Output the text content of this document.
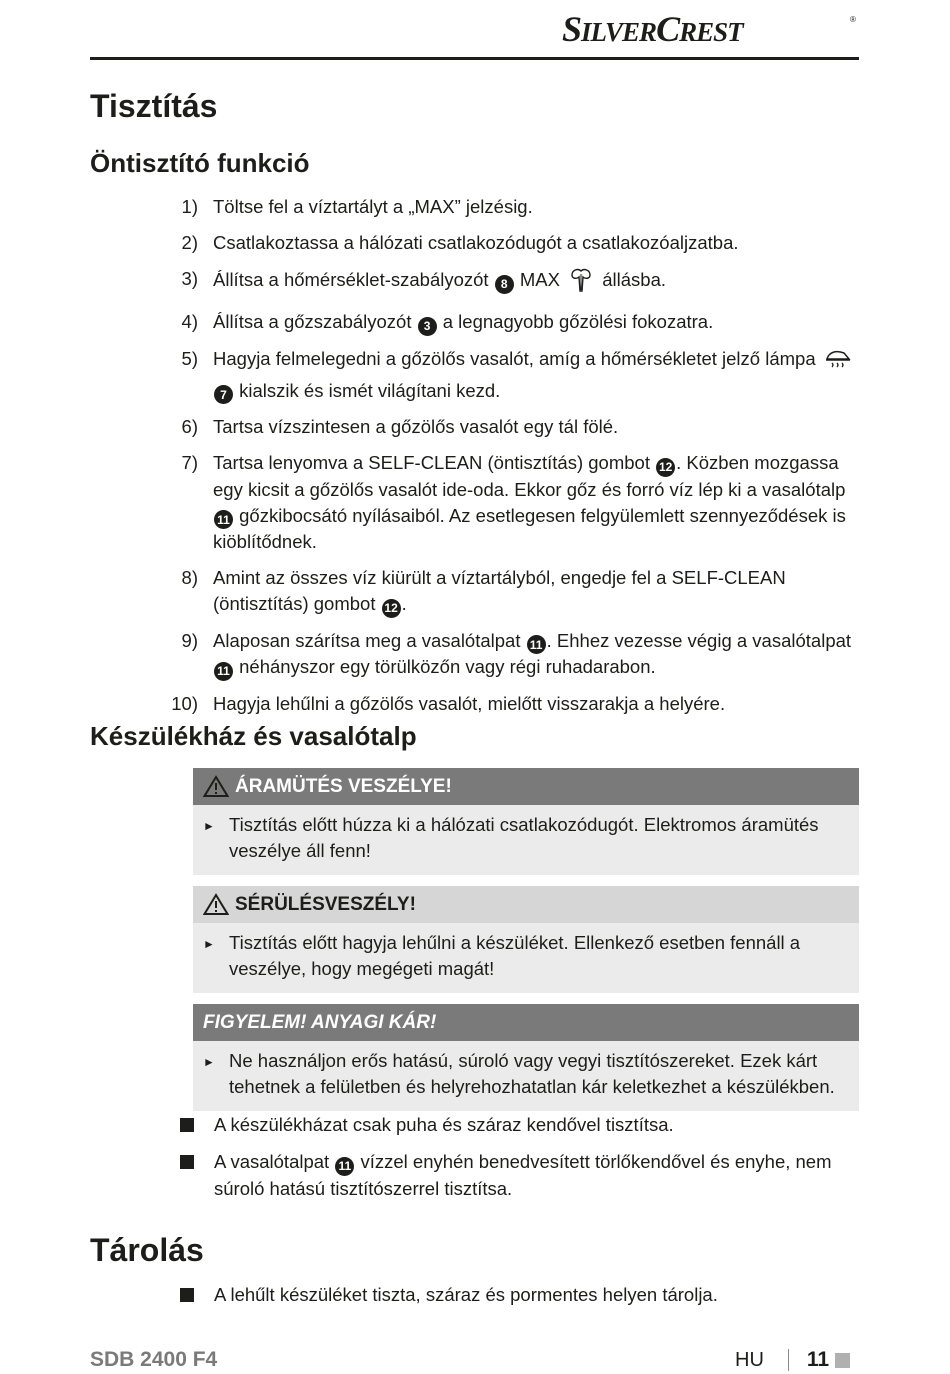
SILVERCREST	®
Tisztítás
Öntisztító funkció
1) Töltse fel a víztartályt a „MAX” jelzésig.
2) Csatlakoztassa a hálózati csatlakozódugót a csatlakozóaljzatba.
3) Állítsa a hőmérséklet-szabályozót 8 MAX  állásba.
4) Állítsa a gőzszabályozót 3 a legnagyobb gőzölési fokozatra.
5) Hagyja felmelegedni a gőzölős vasalót, amíg a hőmérsékletet jelző lámpa 7 kialszik és ismét világítani kezd.
6) Tartsa vízszintesen a gőzölős vasalót egy tál fölé.
7) Tartsa lenyomva a SELF-CLEAN (öntisztítás) gombot 12 . Közben mozgassa egy kicsit a gőzölős vasalót ide-oda. Ekkor gőz és forró víz lép ki a vasalótalp 11 gőzkibocsátó nyílásaiból. Az esetlegesen felgyülemlett szennyeződések is kiöblítődnek.
8) Amint az összes víz kiürült a víztartályból, engedje fel a SELF-CLEAN (öntisztítás) gombot 12 .
9) Alaposan szárítsa meg a vasalótalpat 11 . Ehhez vezesse végig a vasalótalpat 11 néhányszor egy törülközőn vagy régi ruhadarabon.
10) Hagyja lehűlni a gőzölős vasalót, mielőtt visszarakja a helyére.
Készülékház és vasalótalp
ÁRAMÜTÉS VESZÉLYE!
► Tisztítás előtt húzza ki a hálózati csatlakozódugót. Elektromos áramütés veszélye áll fenn!
SÉRÜLÉSVESZÉLY!
► Tisztítás előtt hagyja lehűlni a készüléket. Ellenkező esetben fennáll a veszélye, hogy megégeti magát!
FIGYELEM! ANYAGI KÁR!
► Ne használjon erős hatású, súroló vagy vegyi tisztítószereket. Ezek kárt tehetnek a felületben és helyrehozhatatlan kár keletkezhet a készülékben.
A készülékházat csak puha és száraz kendővel tisztítsa.
A vasalótalpat 11 vízzel enyhén benedvesített törlőkendővel és enyhe, nem súroló hatású tisztítószerrel tisztítsa.
Tárolás
A lehűlt készüléket tiszta, száraz és pormentes helyen tárolja.
SDB 2400 F4	HU 11
